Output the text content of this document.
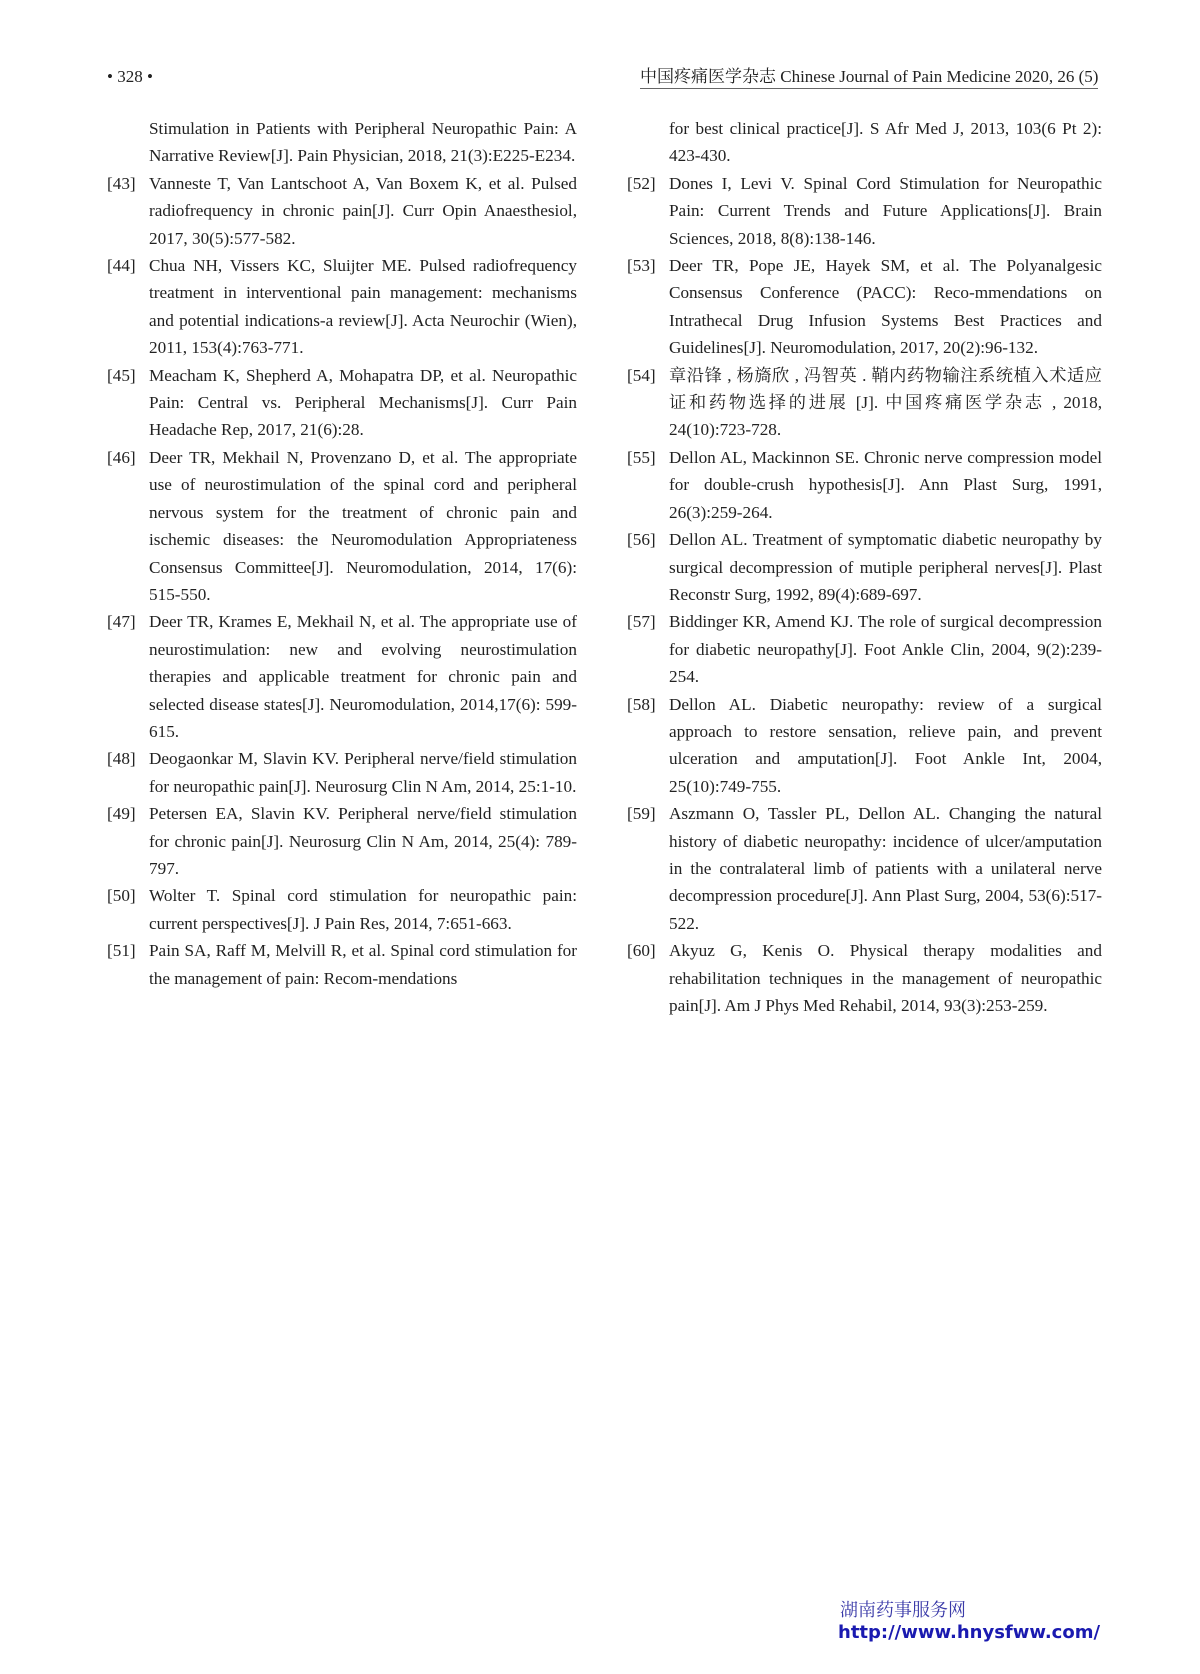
• 328 •	中国疼痛医学杂志 Chinese Journal of Pain Medicine 2020, 26 (5)
Stimulation in Patients with Peripheral Neuropathic Pain: A Narrative Review[J]. Pain Physician, 2018, 21(3):E225-E234.
[43] Vanneste T, Van Lantschoot A, Van Boxem K, et al. Pulsed radiofrequency in chronic pain[J]. Curr Opin Anaesthesiol, 2017, 30(5):577-582.
[44] Chua NH, Vissers KC, Sluijter ME. Pulsed radiofrequency treatment in interventional pain management: mechanisms and potential indications-a review[J]. Acta Neurochir (Wien), 2011, 153(4):763-771.
[45] Meacham K, Shepherd A, Mohapatra DP, et al. Neuropathic Pain: Central vs. Peripheral Mechanisms[J]. Curr Pain Headache Rep, 2017, 21(6):28.
[46] Deer TR, Mekhail N, Provenzano D, et al. The appropriate use of neurostimulation of the spinal cord and peripheral nervous system for the treatment of chronic pain and ischemic diseases: the Neuromodulation Appropriateness Consensus Committee[J]. Neuromodulation, 2014, 17(6): 515-550.
[47] Deer TR, Krames E, Mekhail N, et al. The appropriate use of neurostimulation: new and evolving neurostimulation therapies and applicable treatment for chronic pain and selected disease states[J]. Neuromodulation, 2014,17(6): 599-615.
[48] Deogaonkar M, Slavin KV. Peripheral nerve/field stimulation for neuropathic pain[J]. Neurosurg Clin N Am, 2014, 25:1-10.
[49] Petersen EA, Slavin KV. Peripheral nerve/field stimulation for chronic pain[J]. Neurosurg Clin N Am, 2014, 25(4): 789-797.
[50] Wolter T. Spinal cord stimulation for neuropathic pain: current perspectives[J]. J Pain Res, 2014, 7:651-663.
[51] Pain SA, Raff M, Melvill R, et al. Spinal cord stimulation for the management of pain: Recom-mendations
for best clinical practice[J]. S Afr Med J, 2013, 103(6 Pt 2): 423-430.
[52] Dones I, Levi V. Spinal Cord Stimulation for Neuropathic Pain: Current Trends and Future Applications[J]. Brain Sciences, 2018, 8(8):138-146.
[53] Deer TR, Pope JE, Hayek SM, et al. The Polyanalgesic Consensus Conference (PACC): Reco-mmendations on Intrathecal Drug Infusion Systems Best Practices and Guidelines[J]. Neuromodulation, 2017, 20(2):96-132.
[54] 章沿锋 , 杨旖欣 , 冯智英 . 鞘内药物输注系统植入术适应证和药物选择的进展 [J]. 中国疼痛医学杂志 , 2018, 24(10):723-728.
[55] Dellon AL, Mackinnon SE. Chronic nerve compression model for double-crush hypothesis[J]. Ann Plast Surg, 1991, 26(3):259-264.
[56] Dellon AL. Treatment of symptomatic diabetic neuropathy by surgical decompression of mutiple peripheral nerves[J]. Plast Reconstr Surg, 1992, 89(4):689-697.
[57] Biddinger KR, Amend KJ. The role of surgical decompression for diabetic neuropathy[J]. Foot Ankle Clin, 2004, 9(2):239-254.
[58] Dellon AL. Diabetic neuropathy: review of a surgical approach to restore sensation, relieve pain, and prevent ulceration and amputation[J]. Foot Ankle Int, 2004, 25(10):749-755.
[59] Aszmann O, Tassler PL, Dellon AL. Changing the natural history of diabetic neuropathy: incidence of ulcer/amputation in the contralateral limb of patients with a unilateral nerve decompression procedure[J]. Ann Plast Surg, 2004, 53(6):517-522.
[60] Akyuz G, Kenis O. Physical therapy modalities and rehabilitation techniques in the management of neuropathic pain[J]. Am J Phys Med Rehabil, 2014, 93(3):253-259.
湖南药事服务网
http://www.hnysfww.com/
